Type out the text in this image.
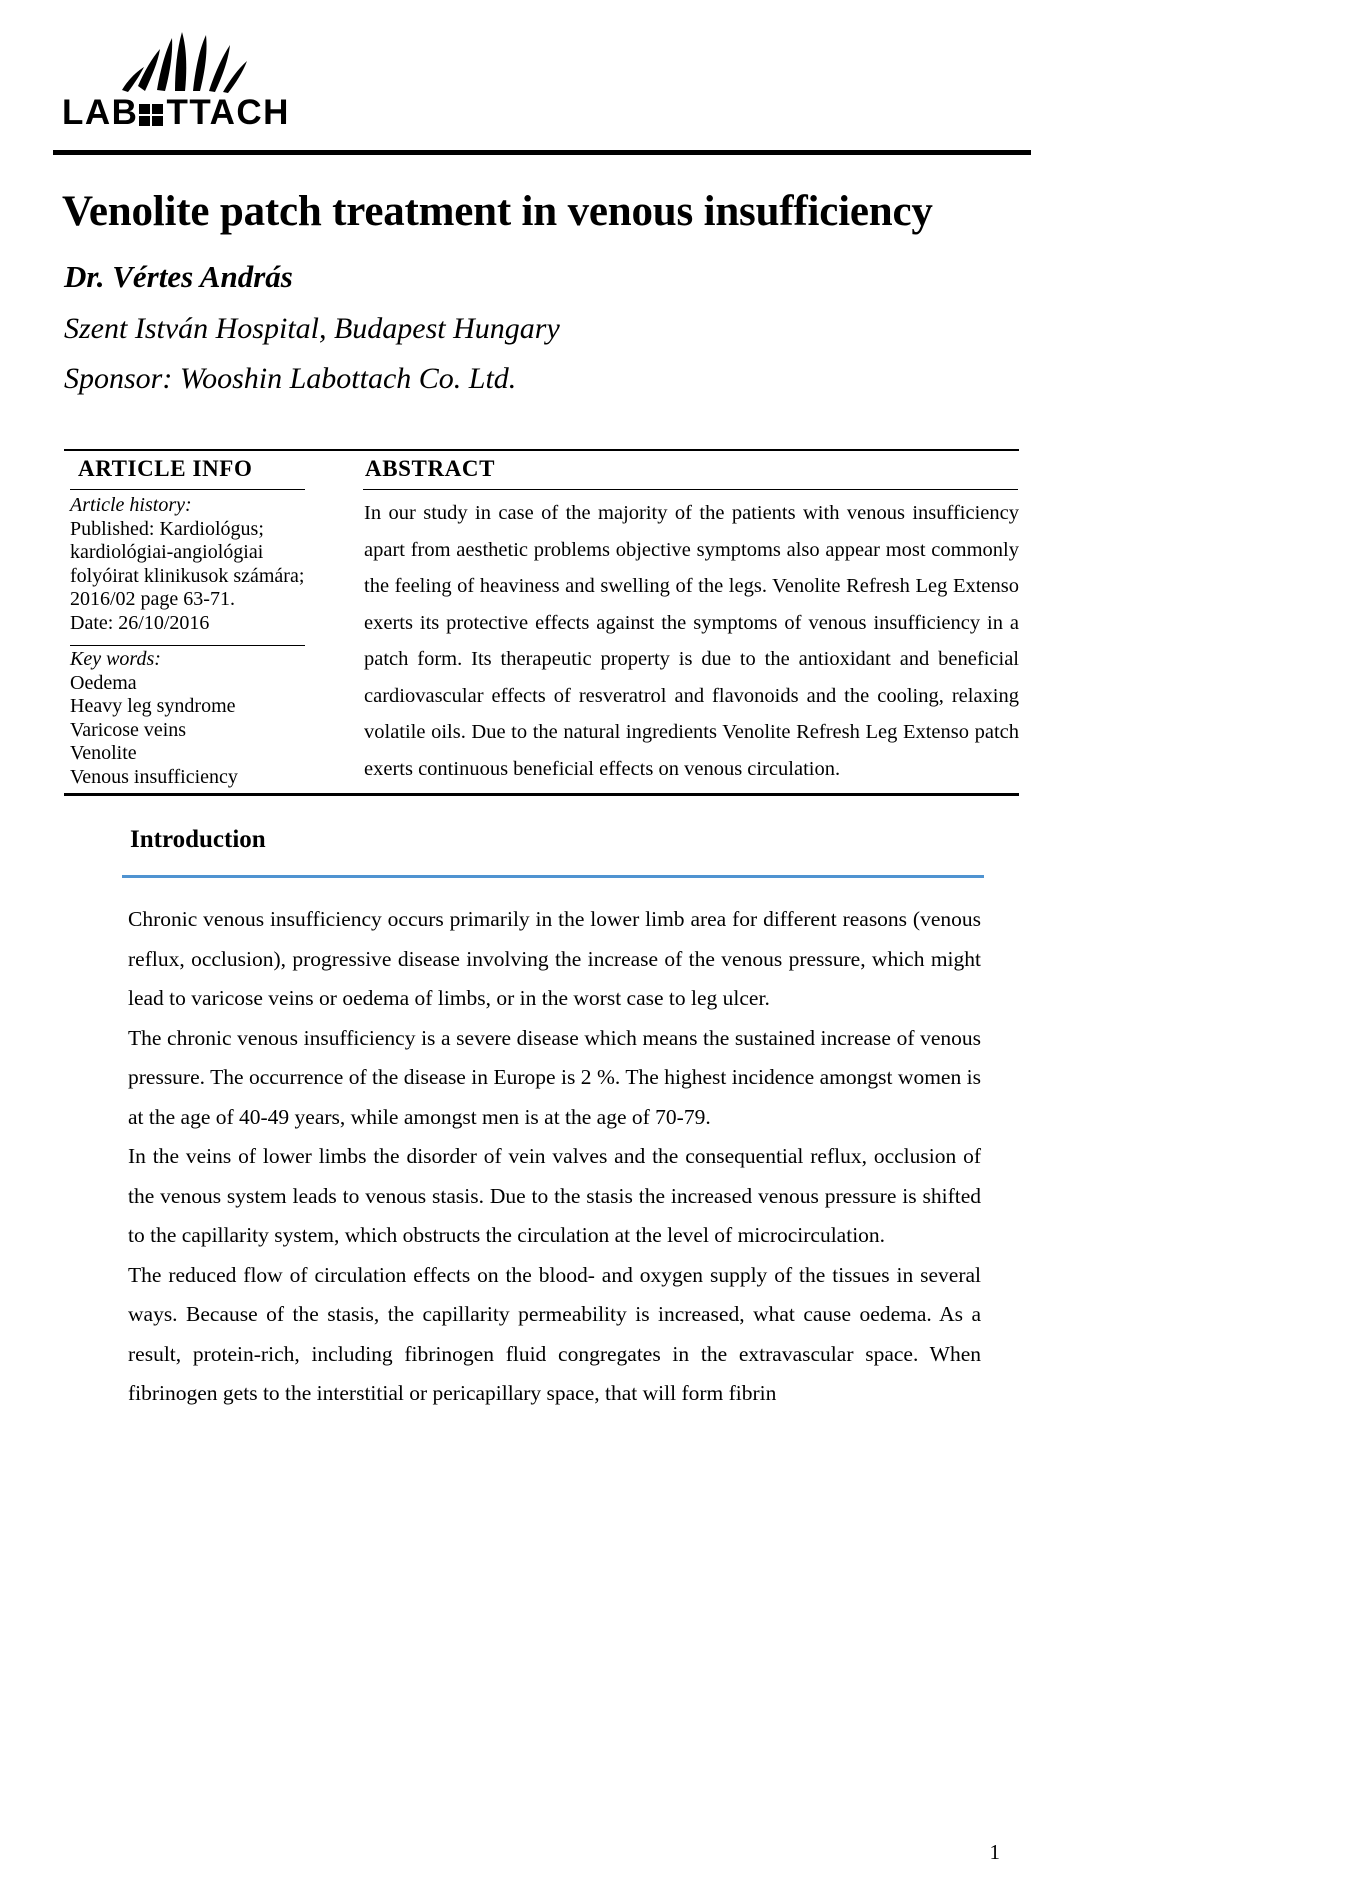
LAB TTACH
Venolite patch treatment in venous insufficiency
Dr. Vértes András
Szent István Hospital, Budapest Hungary
Sponsor: Wooshin Labottach Co. Ltd.
ARTICLE INFO	ABSTRACT
Article history:
Published: Kardiológus; kardiológiai-angiológiai folyóirat klinikusok számára; 2016/02 page 63-71.
Date: 26/10/2016
Key words:
Oedema
Heavy leg syndrome
Varicose veins
Venolite
Venous insufficiency
In our study in case of the majority of the patients with venous insufficiency apart from aesthetic problems objective symptoms also appear most commonly the feeling of heaviness and swelling of the legs. Venolite Refresh Leg Extenso exerts its protective effects against the symptoms of venous insufficiency in a patch form. Its therapeutic property is due to the antioxidant and beneficial cardiovascular effects of resveratrol and flavonoids and the cooling, relaxing volatile oils. Due to the natural ingredients Venolite Refresh Leg Extenso patch exerts continuous beneficial effects on venous circulation.
Introduction

Chronic venous insufficiency occurs primarily in the lower limb area for different reasons (venous reflux, occlusion), progressive disease involving the increase of the venous pressure, which might lead to varicose veins or oedema of limbs, or in the worst case to leg ulcer.

The chronic venous insufficiency is a severe disease which means the sustained increase of venous pressure. The occurrence of the disease in Europe is 2 %. The highest incidence amongst women is at the age of 40-49 years, while amongst men is at the age of 70-79.

In the veins of lower limbs the disorder of vein valves and the consequential reflux, occlusion of the venous system leads to venous stasis. Due to the stasis the increased venous pressure is shifted to the capillarity system, which obstructs the circulation at the level of microcirculation.

The reduced flow of circulation effects on the blood- and oxygen supply of the tissues in several ways. Because of the stasis, the capillarity permeability is increased, what cause oedema. As a result, protein-rich, including fibrinogen fluid congregates in the extravascular space. When fibrinogen gets to the interstitial or pericapillary space, that will form fibrin

1
